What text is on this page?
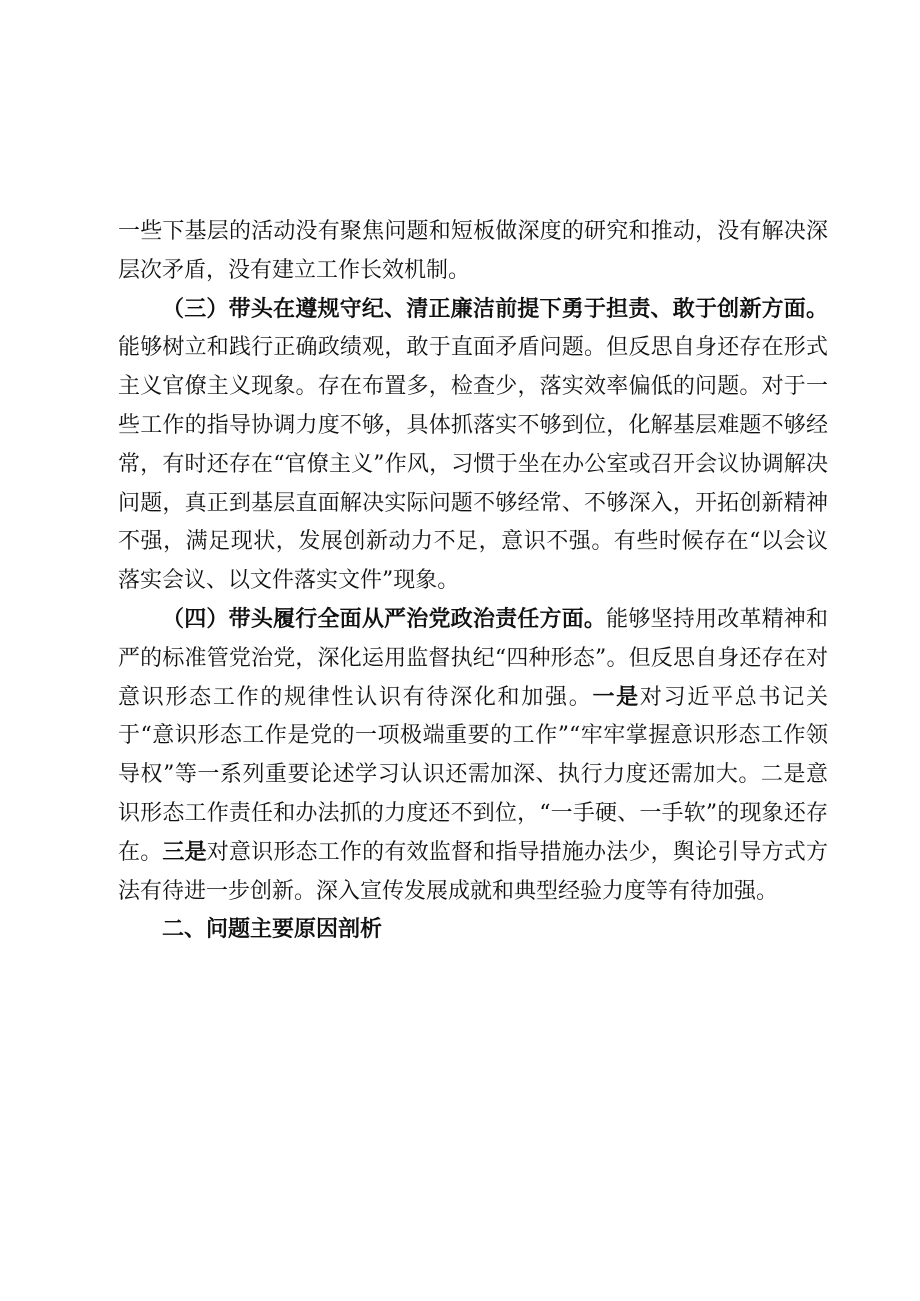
一些下基层的活动没有聚焦问题和短板做深度的研究和推动，没有解决深层次矛盾，没有建立工作长效机制。

（三）带头在遵规守纪、清正廉洁前提下勇于担责、敢于创新方面。能够树立和践行正确政绩观，敢于直面矛盾问题。但反思自身还存在形式主义官僚主义现象。存在布置多，检查少，落实效率偏低的问题。对于一些工作的指导协调力度不够，具体抓落实不够到位，化解基层难题不够经常，有时还存在“官僚主义”作风，习惯于坐在办公室或召开会议协调解决问题，真正到基层直面解决实际问题不够经常、不够深入，开拓创新精神不强，满足现状，发展创新动力不足，意识不强。有些时候存在“以会议落实会议、以文件落实文件”现象。

（四）带头履行全面从严治党政治责任方面。能够坚持用改革精神和严的标准管党治党，深化运用监督执纪“四种形态”。但反思自身还存在对意识形态工作的规律性认识有待深化和加强。一是对习近平总书记关于“意识形态工作是党的一项极端重要的工作”“牢牢掌握意识形态工作领导权”等一系列重要论述学习认识还需加深、执行力度还需加大。二是意识形态工作责任和办法抓的力度还不到位，“一手硬、一手软”的现象还存在。三是对意识形态工作的有效监督和指导措施办法少，舆论引导方式方法有待进一步创新。深入宣传发展成就和典型经验力度等有待加强。

二、问题主要原因剖析
